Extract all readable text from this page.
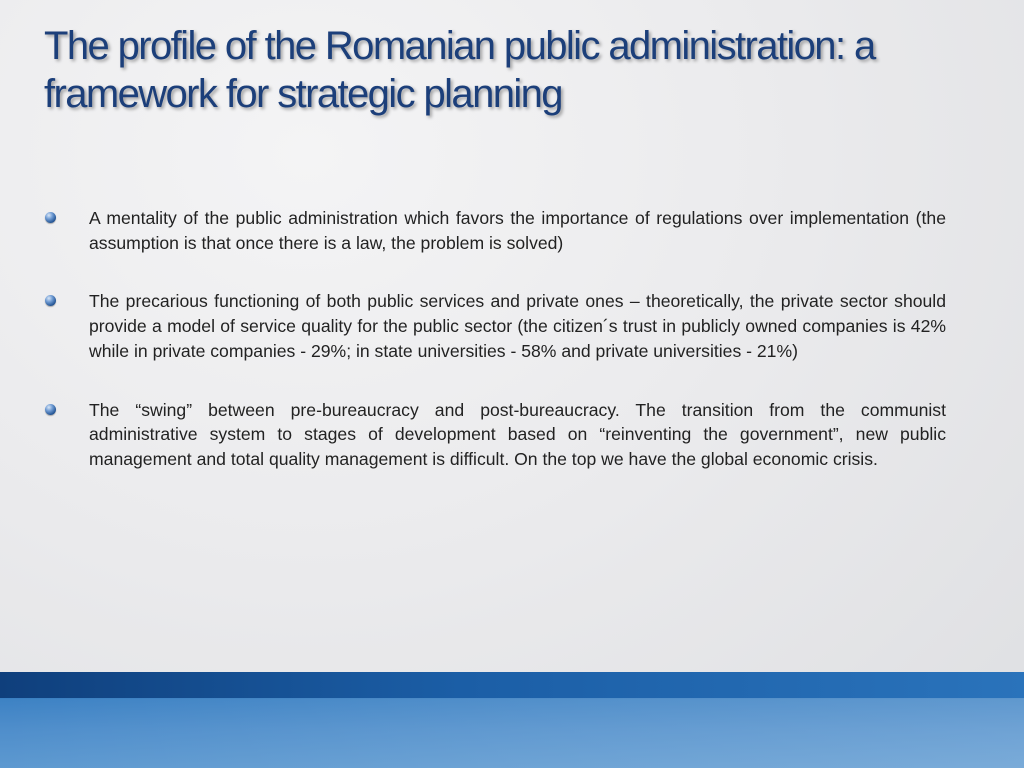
The profile of the Romanian public administration: a framework for strategic planning
A mentality of the public administration which favors the importance of regulations over implementation (the assumption is that once there is a law, the problem is solved)
The precarious functioning of both public services and private ones – theoretically, the private sector should provide a model of service quality for the public sector (the citizen´s trust in publicly owned companies is 42% while in private companies - 29%; in state universities - 58% and private universities - 21%)
The “swing” between pre-bureaucracy and post-bureaucracy. The transition from the communist administrative system to stages of development based on “reinventing the government”, new public management and total quality management is difficult. On the top we have the global economic crisis.
